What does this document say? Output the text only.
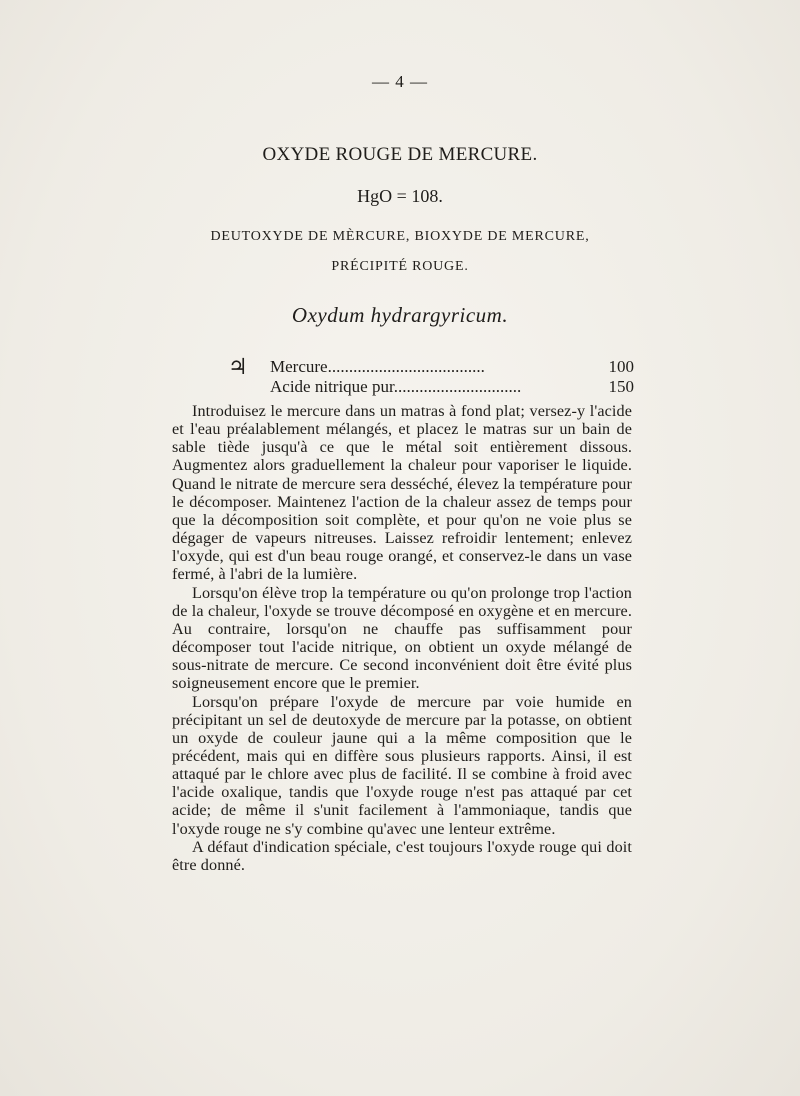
— 4 —
OXYDE ROUGE DE MERCURE.
HgO = 108.
DEUTOXYDE DE MÈRCURE, BIOXYDE DE MERCURE,
PRÉCIPITÉ ROUGE.
Oxydum hydrargyricum.
♃ Mercure.....................................	100
Acide nitrique pur..............................	150

Introduisez le mercure dans un matras à fond plat; versez-y l'acide et l'eau préalablement mélangés, et placez le matras sur un bain de sable tiède jusqu'à ce que le métal soit entièrement dissous. Augmentez alors graduellement la chaleur pour vaporiser le liquide. Quand le nitrate de mercure sera desséché, élevez la température pour le décomposer. Maintenez l'action de la chaleur assez de temps pour que la décomposition soit complète, et pour qu'on ne voie plus se dégager de vapeurs nitreuses. Laissez refroidir lentement; enlevez l'oxyde, qui est d'un beau rouge orangé, et conservez-le dans un vase fermé, à l'abri de la lumière.

Lorsqu'on élève trop la température ou qu'on prolonge trop l'action de la chaleur, l'oxyde se trouve décomposé en oxygène et en mercure. Au contraire, lorsqu'on ne chauffe pas suffisamment pour décomposer tout l'acide nitrique, on obtient un oxyde mélangé de sous-nitrate de mercure. Ce second inconvénient doit être évité plus soigneusement encore que le premier.

Lorsqu'on prépare l'oxyde de mercure par voie humide en précipitant un sel de deutoxyde de mercure par la potasse, on obtient un oxyde de couleur jaune qui a la même composition que le précédent, mais qui en diffère sous plusieurs rapports. Ainsi, il est attaqué par le chlore avec plus de facilité. Il se combine à froid avec l'acide oxalique, tandis que l'oxyde rouge n'est pas attaqué par cet acide; de même il s'unit facilement à l'ammoniaque, tandis que l'oxyde rouge ne s'y combine qu'avec une lenteur extrême.

A défaut d'indication spéciale, c'est toujours l'oxyde rouge qui doit être donné.
